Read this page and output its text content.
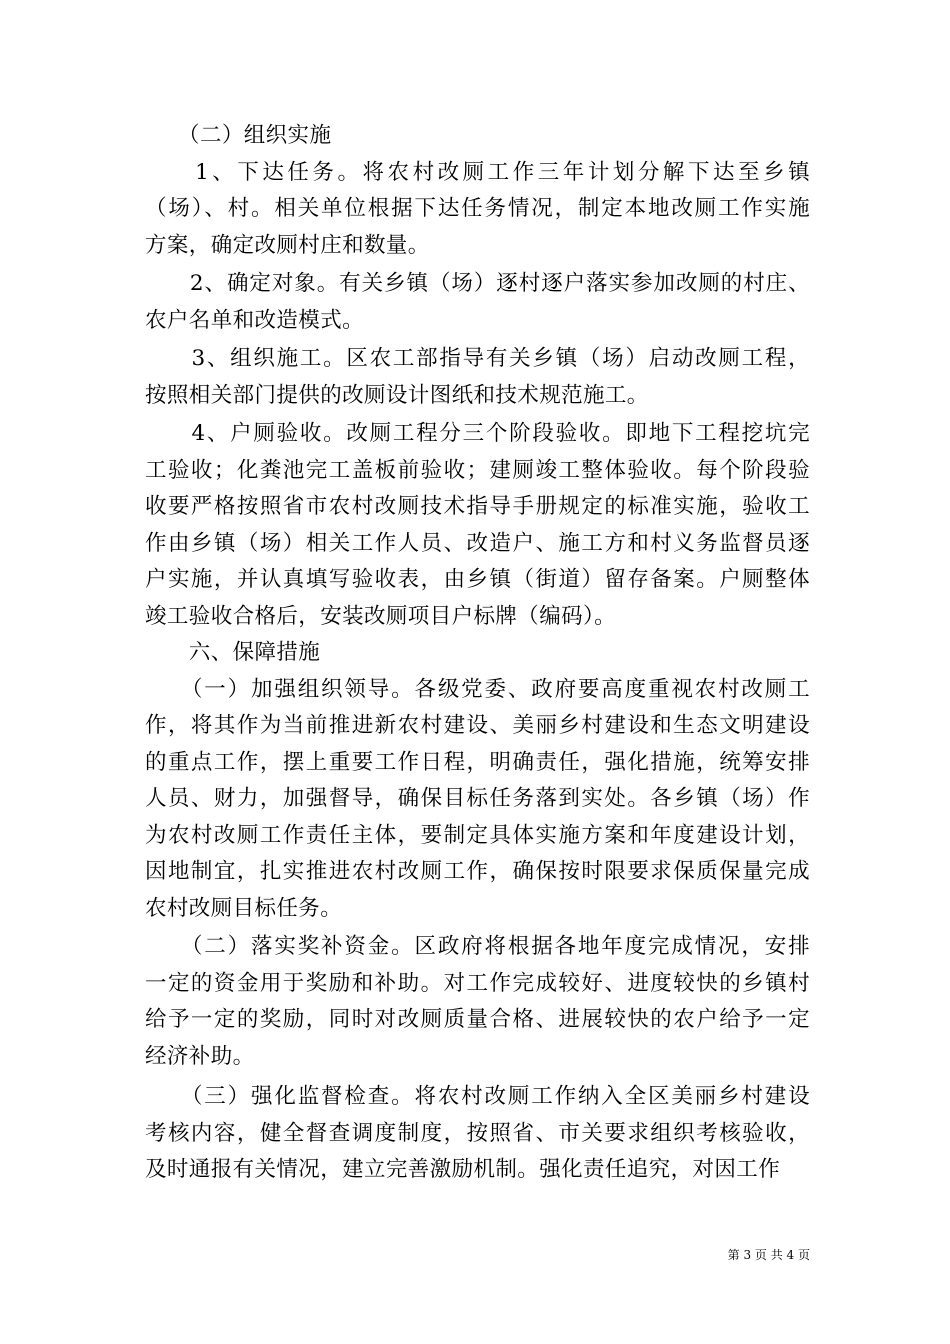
　　（二）组织实施

　　1、下达任务。将农村改厕工作三年计划分解下达至乡镇
（场）、村。相关单位根据下达任务情况，制定本地改厕工作实施
方案，确定改厕村庄和数量。

　　2、确定对象。有关乡镇（场）逐村逐户落实参加改厕的村庄、
农户名单和改造模式。

　　3、组织施工。区农工部指导有关乡镇（场）启动改厕工程，
按照相关部门提供的改厕设计图纸和技术规范施工。

　　4、户厕验收。改厕工程分三个阶段验收。即地下工程挖坑完
工验收；化粪池完工盖板前验收；建厕竣工整体验收。每个阶段验
收要严格按照省市农村改厕技术指导手册规定的标准实施，验收工
作由乡镇（场）相关工作人员、改造户、施工方和村义务监督员逐
户实施，并认真填写验收表，由乡镇（街道）留存备案。户厕整体
竣工验收合格后，安装改厕项目户标牌（编码）。

　　六、保障措施

　　（一）加强组织领导。各级党委、政府要高度重视农村改厕工
作，将其作为当前推进新农村建设、美丽乡村建设和生态文明建设
的重点工作，摆上重要工作日程，明确责任，强化措施，统筹安排
人员、财力，加强督导，确保目标任务落到实处。各乡镇（场）作
为农村改厕工作责任主体，要制定具体实施方案和年度建设计划，
因地制宜，扎实推进农村改厕工作，确保按时限要求保质保量完成
农村改厕目标任务。

　　（二）落实奖补资金。区政府将根据各地年度完成情况，安排
一定的资金用于奖励和补助。对工作完成较好、进度较快的乡镇村
给予一定的奖励，同时对改厕质量合格、进展较快的农户给予一定
经济补助。

　　（三）强化监督检查。将农村改厕工作纳入全区美丽乡村建设
考核内容，健全督查调度制度，按照省、市关要求组织考核验收，
及时通报有关情况，建立完善激励机制。强化责任追究，对因工作

第 3 页 共 4 页
